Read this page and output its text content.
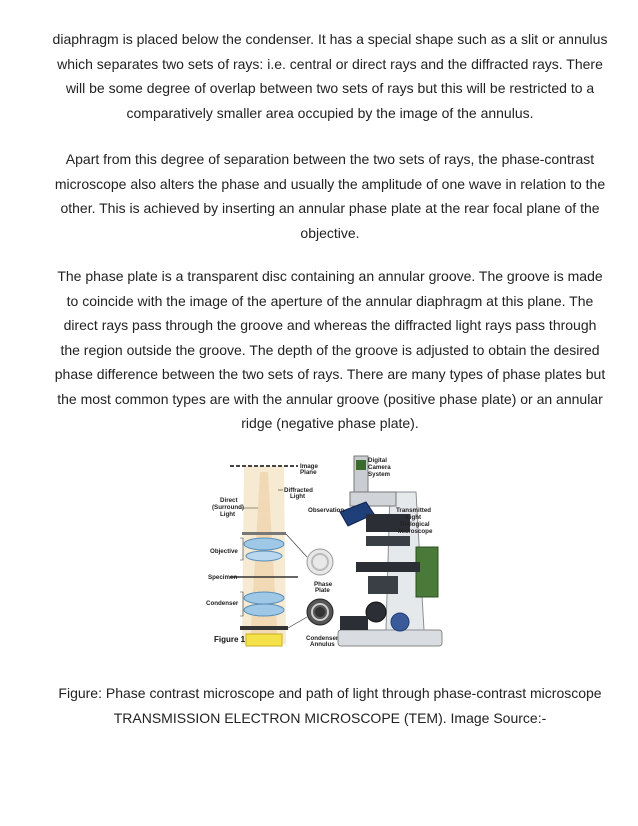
diaphragm is placed below the condenser. It has a special shape such as a slit or annulus which separates two sets of rays: i.e. central or direct rays and the diffracted rays. There will be some degree of overlap between two sets of rays but this will be restricted to a comparatively smaller area occupied by the image of the annulus.

Apart from this degree of separation between the two sets of rays, the phase-contrast microscope also alters the phase and usually the amplitude of one wave in relation to the other. This is achieved by inserting an annular phase plate at the rear focal plane of the objective.

The phase plate is a transparent disc containing an annular groove. The groove is made to coincide with the image of the aperture of the annular diaphragm at this plane. The direct rays pass through the groove and whereas the diffracted light rays pass through the region outside the groove. The depth of the groove is adjusted to obtain the desired phase difference between the two sets of rays. There are many types of phase plates but the most common types are with the annular groove (positive phase plate) or an annular ridge (negative phase plate).

Image
Plane
Diffracted
Light
Direct
(Surround)
Light
Objective
Specimen
Condenser
Figure 1
Phase
Plate
Condenser
Annulus
Digital
Camera
System
Observation	Transmitted
Light
Biological
Microscope

Figure: Phase contrast microscope and path of light through phase-contrast microscope TRANSMISSION ELECTRON MICROSCOPE (TEM). Image Source:-
